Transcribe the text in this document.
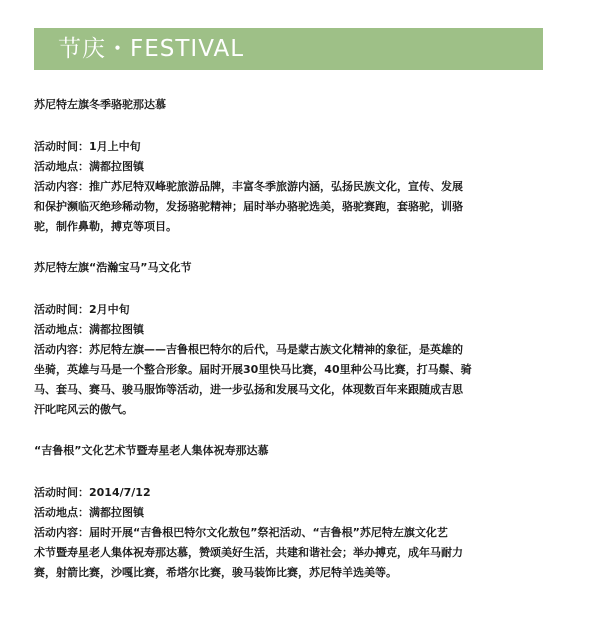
节庆・FESTIVAL
苏尼特左旗冬季骆驼那达慕

活动时间：1月上中旬

活动地点：满都拉图镇

活动内容：推广苏尼特双峰驼旅游品牌，丰富冬季旅游内涵，弘扬民族文化，宣传、发展

和保护濒临灭绝珍稀动物，发扬骆驼精神；届时举办骆驼选美，骆驼赛跑，套骆驼，训骆

驼，制作鼻勒，搏克等项目。

苏尼特左旗“浩瀚宝马”马文化节

活动时间：2月中旬

活动地点：满都拉图镇

活动内容：苏尼特左旗——吉鲁根巴特尔的后代，马是蒙古族文化精神的象征，是英雄的

坐骑，英雄与马是一个整合形象。届时开展30里快马比赛，40里种公马比赛，打马鬃、骑

马、套马、赛马、骏马服饰等活动，进一步弘扬和发展马文化，体现数百年来跟随成吉思

汗叱咤风云的傲气。

“吉鲁根”文化艺术节暨寿星老人集体祝寿那达慕

活动时间：2014/7/12

活动地点：满都拉图镇

活动内容：届时开展“吉鲁根巴特尔文化敖包”祭祀活动、“吉鲁根”苏尼特左旗文化艺

术节暨寿星老人集体祝寿那达慕，赞颂美好生活，共建和谐社会；举办搏克，成年马耐力

赛，射箭比赛，沙嘎比赛，希塔尔比赛，骏马装饰比赛，苏尼特羊选美等。
